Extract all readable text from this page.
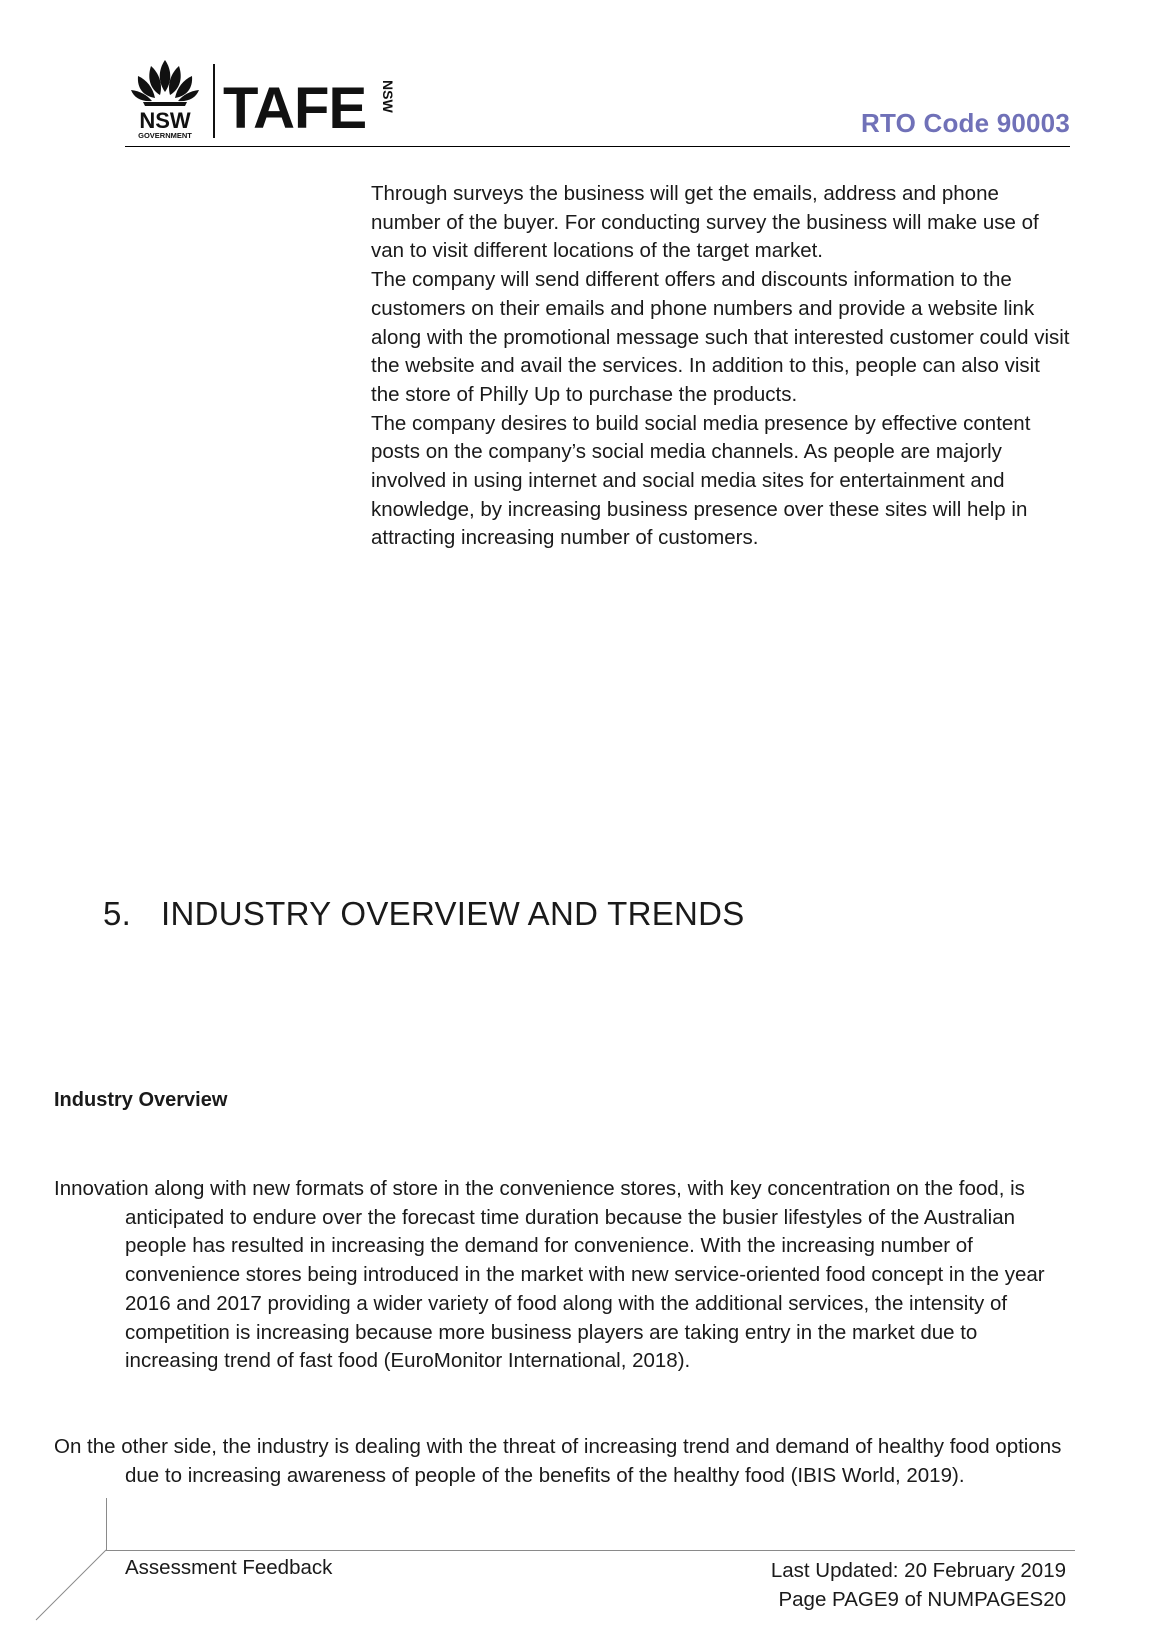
NSW
GOVERNMENT TAFE NSW
RTO Code 90003

Through surveys the business will get the emails, address and phone number of the buyer. For conducting survey the business will make use of van to visit different locations of the target market.

The company will send different offers and discounts information to the customers on their emails and phone numbers and provide a website link along with the promotional message such that interested customer could visit the website and avail the services. In addition to this, people can also visit the store of Philly Up to purchase the products.

The company desires to build social media presence by effective content posts on the company’s social media channels. As people are majorly involved in using internet and social media sites for entertainment and knowledge, by increasing business presence over these sites will help in attracting increasing number of customers.

5. INDUSTRY OVERVIEW AND TRENDS
Industry Overview

Innovation along with new formats of store in the convenience stores, with key concentration on the food, is anticipated to endure over the forecast time duration because the busier lifestyles of the Australian people has resulted in increasing the demand for convenience. With the increasing number of convenience stores being introduced in the market with new service-oriented food concept in the year 2016 and 2017 providing a wider variety of food along with the additional services, the intensity of competition is increasing because more business players are taking entry in the market due to increasing trend of fast food (EuroMonitor International, 2018).

On the other side, the industry is dealing with the threat of increasing trend and demand of healthy food options due to increasing awareness of people of the benefits of the healthy food (IBIS World, 2019).

Assessment Feedback	Last Updated: 20 February 2019

Page PAGE9 of NUMPAGES20
